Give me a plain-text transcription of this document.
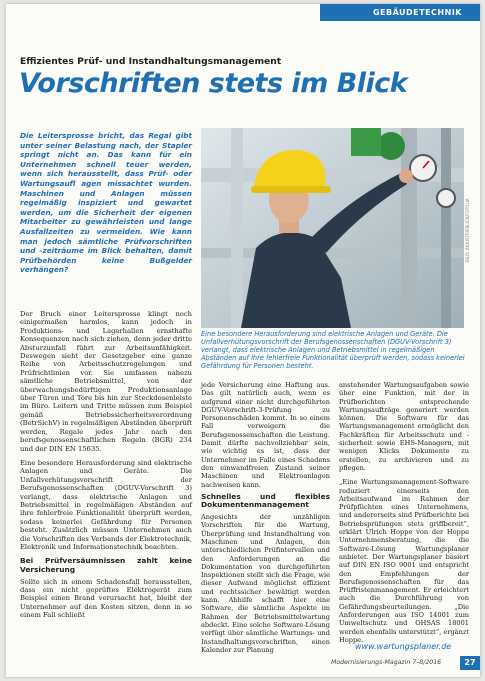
GEBÄUDETECHNIK
Effizientes Prüf- und Instandhaltungsmanagement
Vorschriften stets im Blick
Die Leitersprosse bricht, das Regal gibt unter seiner Belastung nach, der Stapler springt nicht an. Das kann für ein Unternehmen schnell teuer werden, wenn sich herausstellt, dass Prüf- oder Wartungsaufl agen missachtet wurden. Maschinen und Anlagen müssen regelmäßig inspiziert und gewartet werden, um die Sicherheit der eigenen Mitarbeiter zu gewährleisten und lange Ausfallzeiten zu vermeiden. Wie kann man jedoch sämtliche Prüfvorschriften und -zeiträume im Blick behalten, damit Prüfbehörden keine Bußgelder verhängen?

Der Bruch einer Leitersprosse klingt noch einigermaßen harmlos, kann jedoch in Produktions- und Lagerhallen ernsthafte Konsequenzen nach sich ziehen, denn jeder dritte Absturzunfall führt zur Arbeitsunfähigkeit. Deswegen sieht der Gesetzgeber eine ganze Reihe von Arbeitsschutzregelungen und Prüfrichtlinien vor. Sie umfassen nahezu sämtliche Betriebsmittel, von der überwachungsbedürftigen Produktionsanlage über Türen und Tore bis hin zur Steckdosenleiste im Büro. Leitern und Tritte müssen zum Beispiel gemäß Betriebssicherheitsverordnung (BetrSichV) in regelmäßigen Abständen überprüft werden, Regale jedes Jahr nach den berufsgenossenschaftlichen Regeln (BGR) 234 und der DIN EN 15635.

Eine besondere Herausforderung sind elektrische Anlagen und Geräte. Die Unfallverhütungsvorschrift der Berufsgenossenschaften (DGUV-Vorschrift 3) verlangt, dass elektrische Anlagen und Betriebsmittel in regelmäßigen Abständen auf ihre fehlerfreie Funktionalität überprüft werden, sodass keinerlei Gefährdung für Personen besteht. Zusätzlich müssen Unternehmen auch die Vorschriften des Verbands der Elektrotechnik, Elektronik und Informationstechnik beachten.

Bei Prüfversäumnissen zahlt keine Versicherung

Sollte sich in einem Schadensfall herausstellen, dass ein nicht geprüftes Elektrogerät zum Beispiel einen Brand verursacht hat, bleibt der Unternehmer auf den Kosten sitzen, denn in so einem Fall schließt

BILD: INDUSTRIEBLICK/FOTOLIA
Eine besondere Herausforderung sind elektrische Anlagen und Geräte. Die Unfallverhütungsvorschrift der Berufsgenossenschaften (DGUV-Vorschrift 3) verlangt, dass elektrische Anlagen und Betriebsmittel in regelmäßigen Abständen auf ihre fehlerfreie Funktionalität überprüft werden, sodass keinerlei Gefährdung für Personen besteht.

jede Versicherung eine Haftung aus. Das gilt natürlich auch, wenn es aufgrund einer nicht durchgeführten DGUV-Vorschrift-3-Prüfung zu Personenschäden kommt. In so einem Fall verweigern die Berufsgenossenschaften die Leistung. Damit dürfte nachvollziehbar sein, wie wichtig es ist, dass der Unternehmer im Falle eines Schadens den einwandfreien Zustand seiner Maschinen und Elektroanlagen nachweisen kann.

Schnelles und flexibles Dokumentenmanagement

Angesichts der unzähligen Vorschriften für die Wartung, Überprüfung und Instandhaltung von Maschinen und Anlagen, den unterschiedlichen Prüfintervallen und den Anforderungen an die Dokumentation von durchgeführten Inspektionen stellt sich die Frage, wie dieser Aufwand möglichst effizient und rechtssicher bewältigt werden kann. Abhilfe schafft hier eine Software, die sämtliche Aspekte im Rahmen der Betriebsmittelwartung abdeckt. Eine solche Software-Lösung verfügt über sämtliche Wartungs- und Instandhaltungsvorschriften, einen Kalender zur Planung

anstehender Wartungsaufgaben sowie über eine Funktion, mit der in Prüfberichten entsprechende Wartungsaufträge generiert werden können. Die Software für das Wartungsmanagement ermöglicht den Fachkräften für Arbeitsschutz und -sicherheit sowie EHS-Managern, mit wenigen Klicks Dokumente zu erstellen, zu archivieren und zu pflegen.

„Eine Wartungsmanagement-Software reduziert einerseits den Arbeitsaufwand im Rahmen der Prüfpflichten eines Unternehmens, und andererseits sind Prüfberichte bei Betriebsprüfungen stets griffbereit“, erklärt Ulrich Hoppe von der Hoppe Unternehmensberatung, die die Software-Lösung Wartungsplaner anbietet. Der Wartungsplaner basiert auf DIN EN ISO 9001 und entspricht den Empfehlungen der Berufsgenossenschaften für das Prüffristenmanagement. Er erleichtert auch die Durchführung von Gefährdungsbeurteilungen. „Die Anforderungen aus ISO 14001 zum Umweltschutz und OHSAS 18001 werden ebenfalls unterstützt“, ergänzt Hoppe.

www.wartungsplaner.de
Modernisierungs-Magazin 7–8/2016	27
